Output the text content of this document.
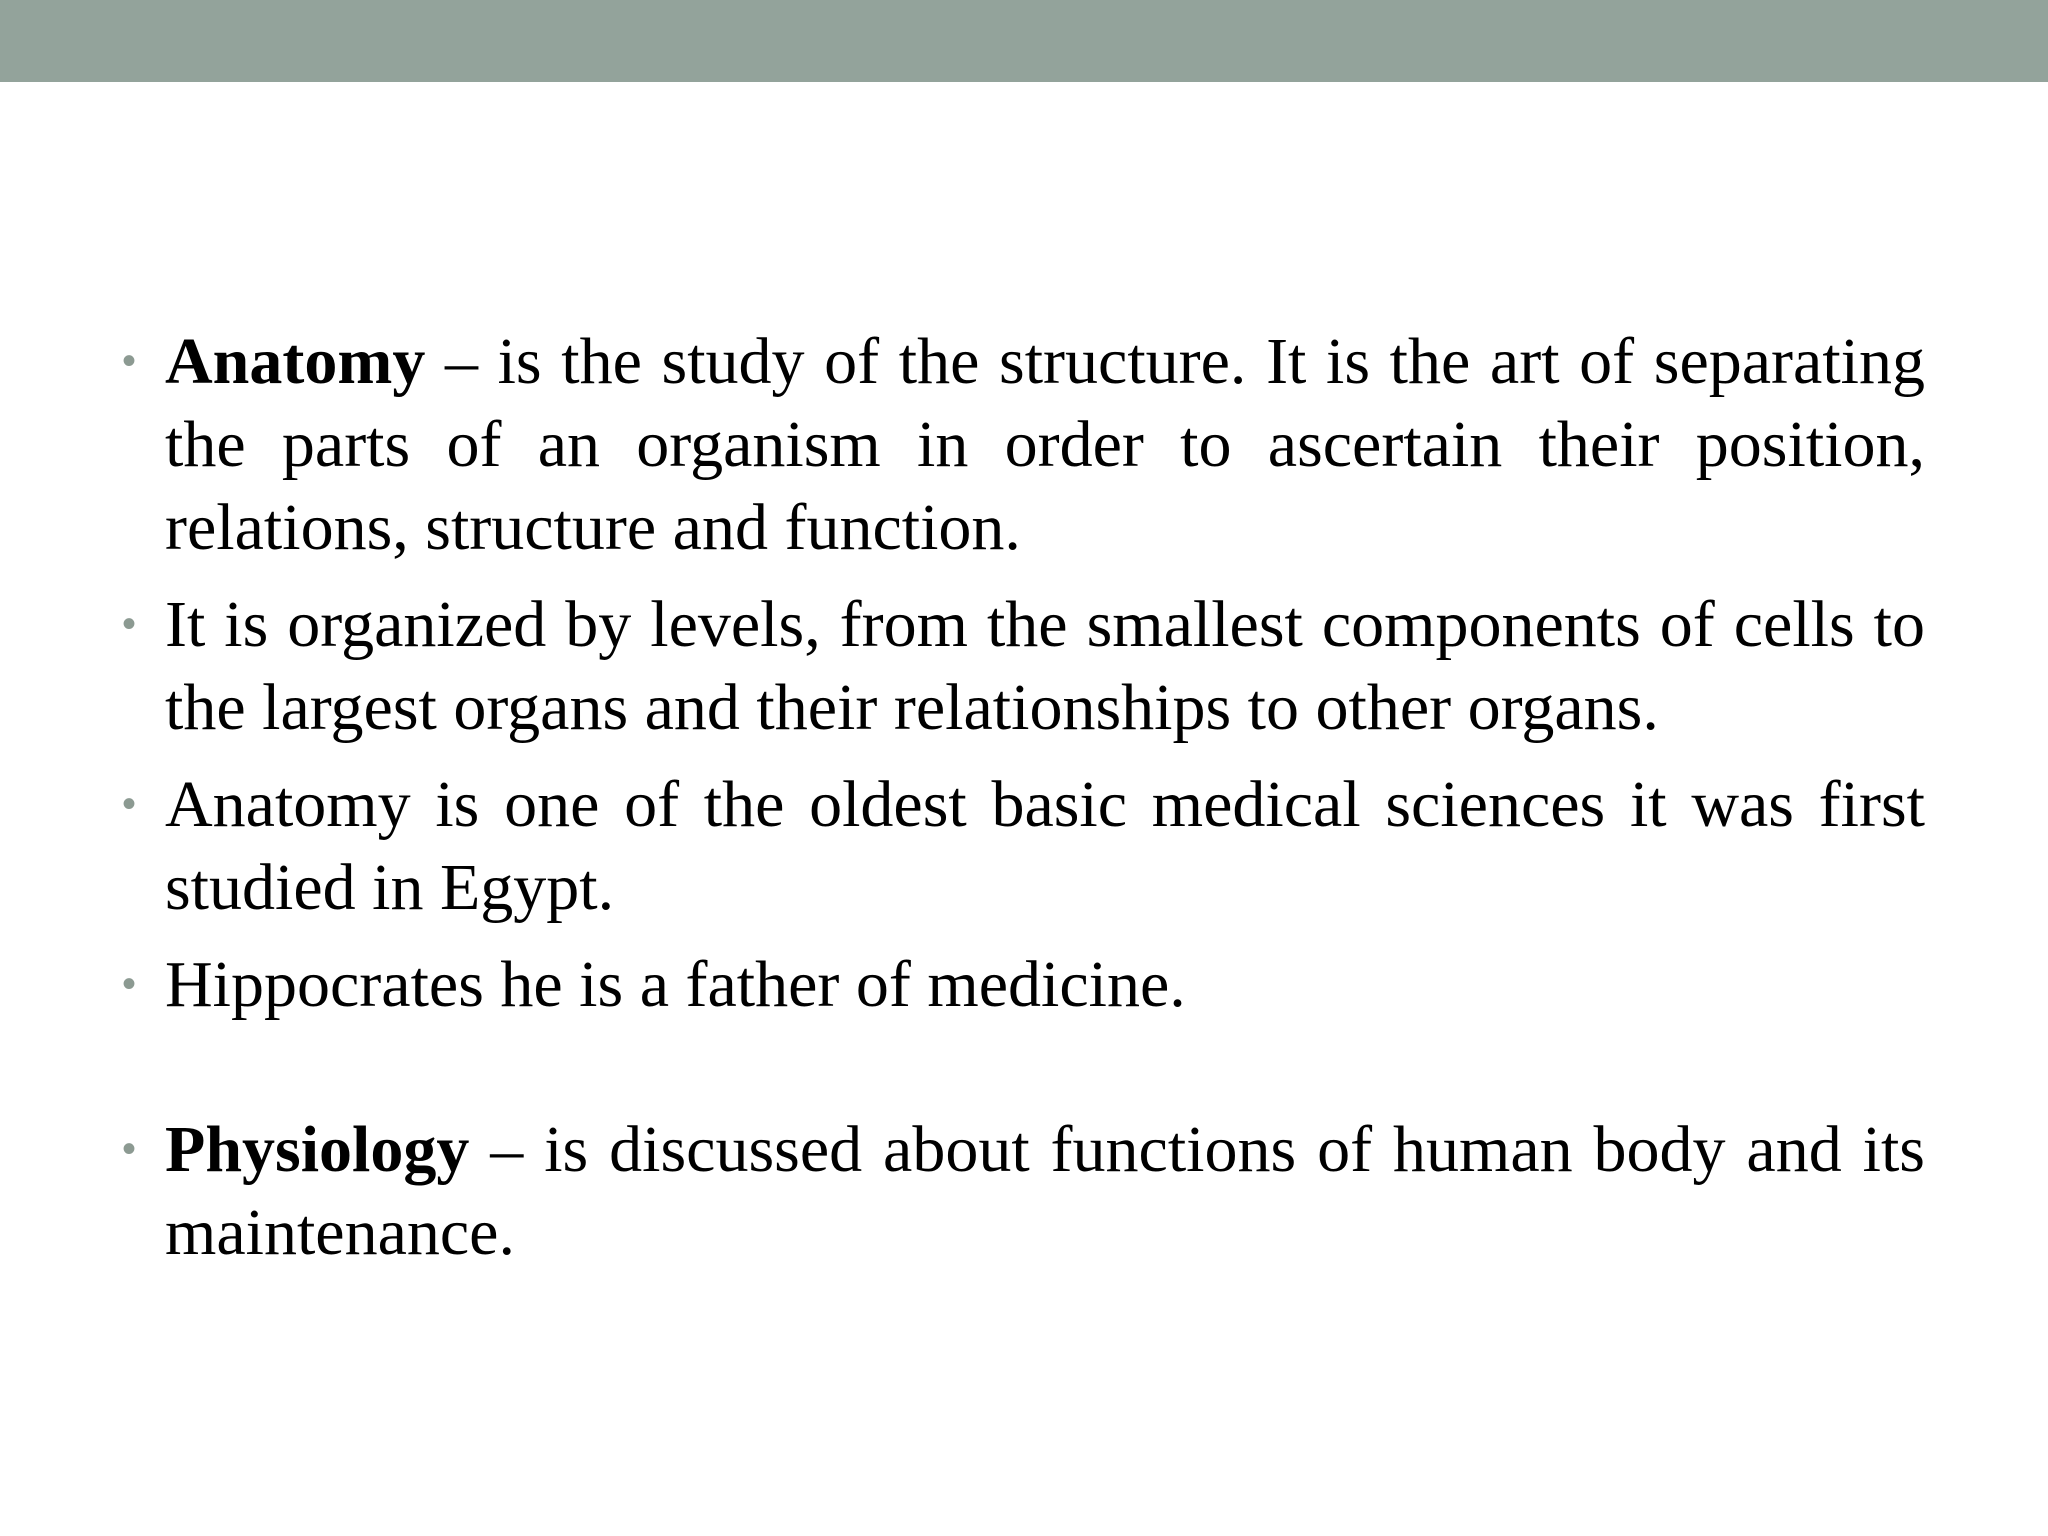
• Anatomy – is the study of the structure. It is the art of separating the parts of an organism in order to ascertain their position, relations, structure and function.
• It is organized by levels, from the smallest components of cells to the largest organs and their relationships to other organs.
• Anatomy is one of the oldest basic medical sciences it was first studied in Egypt.
• Hippocrates he is a father of medicine.
• Physiology – is discussed about functions of human body and its maintenance.
